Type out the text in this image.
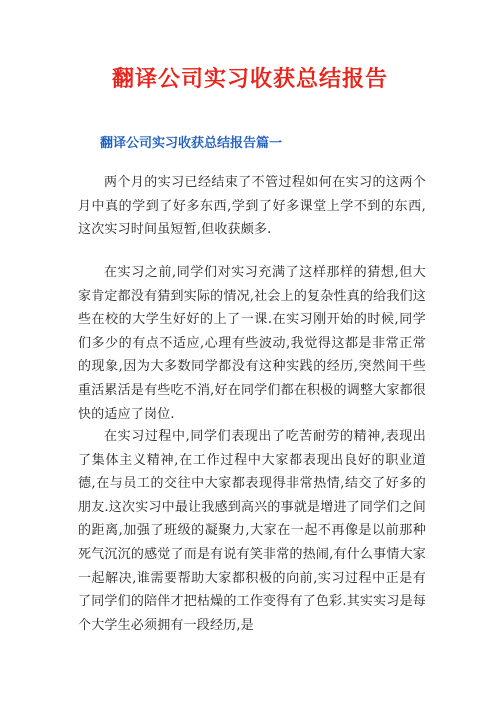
翻译公司实习收获总结报告
翻译公司实习收获总结报告篇一

两个月的实习已经结束了不管过程如何在实习的这两个月中真的学到了好多东西,学到了好多课堂上学不到的东西,这次实习时间虽短暂,但收获颇多.

在实习之前,同学们对实习充满了这样那样的猜想,但大家肯定都没有猜到实际的情况,社会上的复杂性真的给我们这些在校的大学生好好的上了一课.在实习刚开始的时候,同学们多少的有点不适应,心理有些波动,我觉得这都是非常正常的现象,因为大多数同学都没有这种实践的经历,突然间干些重活累活是有些吃不消,好在同学们都在积极的调整大家都很快的适应了岗位.

在实习过程中,同学们表现出了吃苦耐劳的精神,表现出了集体主义精神,在工作过程中大家都表现出良好的职业道德,在与员工的交往中大家都表现得非常热情,结交了好多的朋友.这次实习中最让我感到高兴的事就是增进了同学们之间的距离,加强了班级的凝聚力,大家在一起不再像是以前那种死气沉沉的感觉了而是有说有笑非常的热闹,有什么事情大家一起解决,谁需要帮助大家都积极的向前,实习过程中正是有了同学们的陪伴才把枯燥的工作变得有了色彩.其实实习是每个大学生必须拥有一段经历,是
